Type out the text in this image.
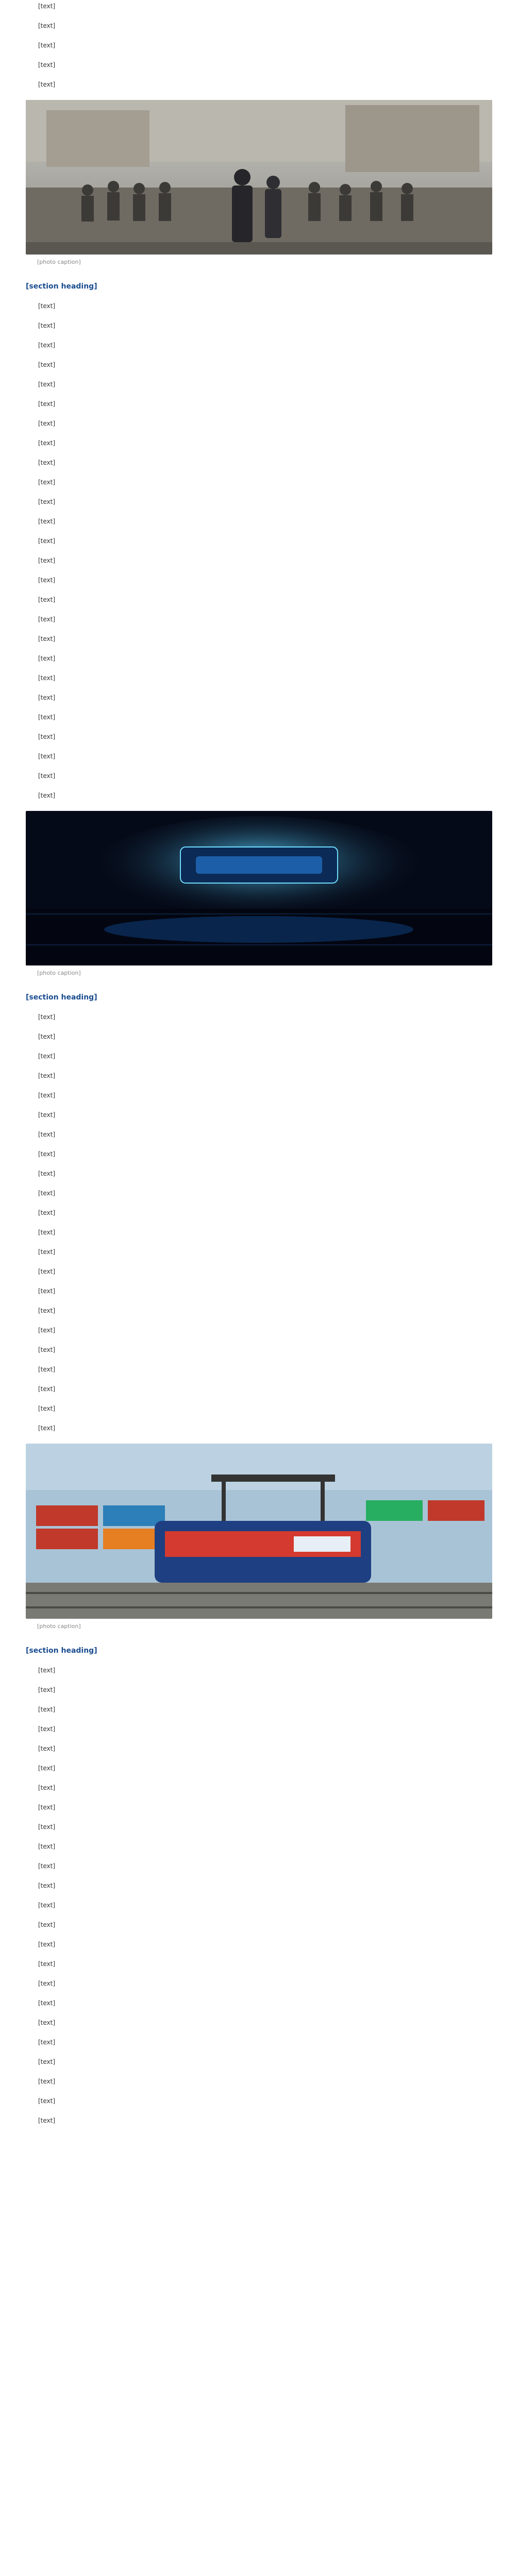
[text]

[text]

[text]

[text]

[text]

[photo caption]
[section heading]

[text]

[text]

[text]

[text]

[text]

[text]

[text]

[text]

[text]

[text]

[text]

[text]

[text]

[text]

[text]

[text]

[text]

[text]

[text]

[text]

[text]

[text]

[text]

[text]

[text]

[text]

[photo caption]
[section heading]

[text]

[text]

[text]

[text]

[text]

[text]

[text]

[text]

[text]

[text]

[text]

[text]

[text]

[text]

[text]

[text]

[text]

[text]

[text]

[text]

[text]

[text]

[photo caption]
[section heading]

[text]

[text]

[text]

[text]

[text]

[text]

[text]

[text]

[text]

[text]

[text]

[text]

[text]

[text]

[text]

[text]

[text]

[text]

[text]

[text]

[text]

[text]

[text]

[text]
